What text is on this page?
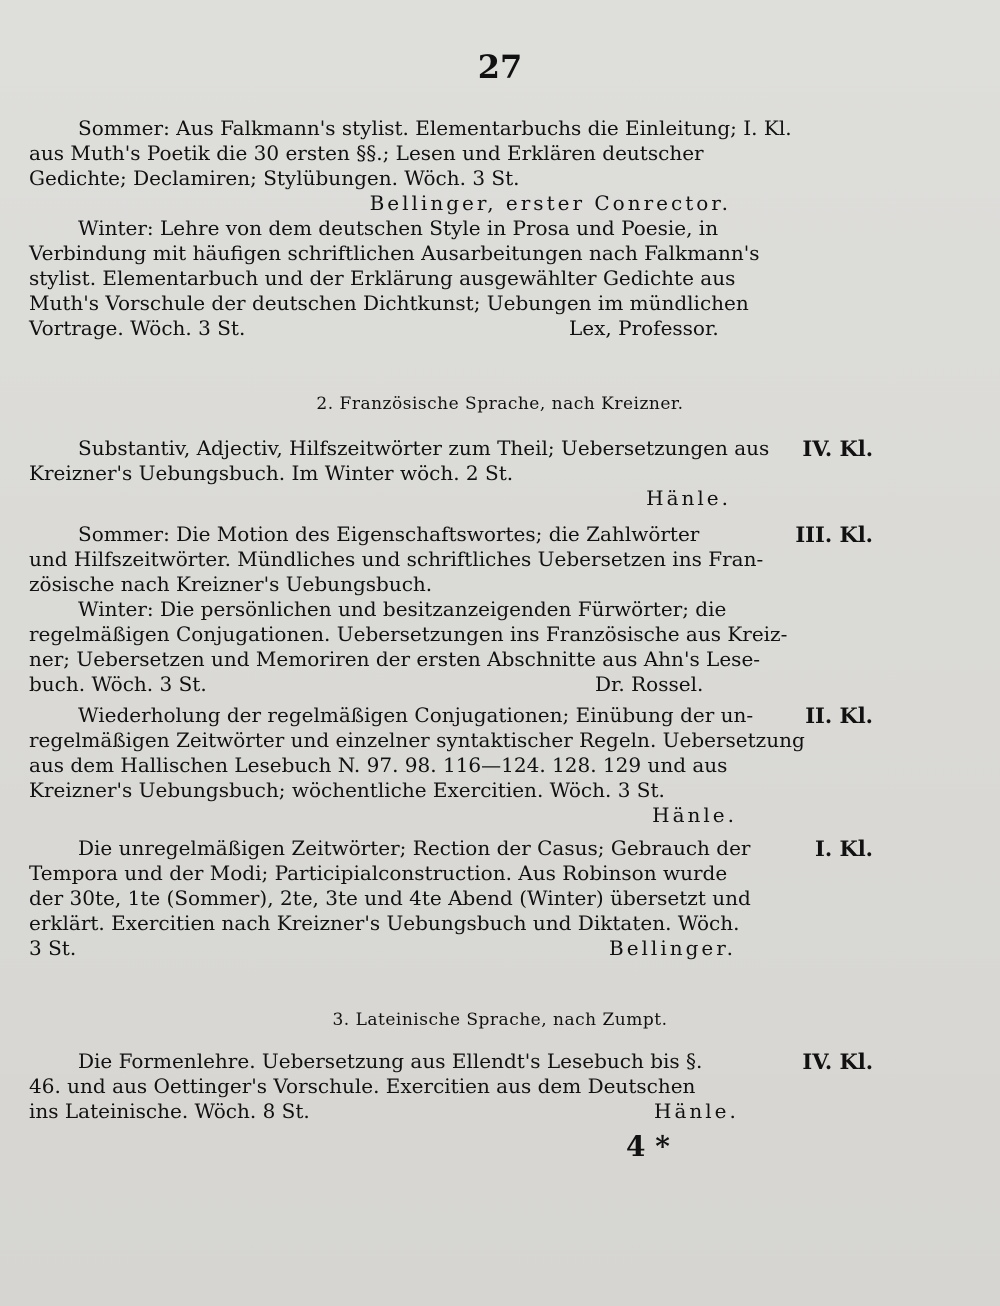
27
Sommer: Aus Falkmann's stylist. Elementarbuchs die Einleitung; I. Kl.
aus Muth's Poetik die 30 ersten §§.; Lesen und Erklären deutscher
Gedichte; Declamiren; Stylübungen. Wöch. 3 St.
Bellinger, erster Conrector.
Winter: Lehre von dem deutschen Style in Prosa und Poesie, in
Verbindung mit häufigen schriftlichen Ausarbeitungen nach Falkmann's
stylist. Elementarbuch und der Erklärung ausgewählter Gedichte aus
Muth's Vorschule der deutschen Dichtkunst; Uebungen im mündlichen
Vortrage. Wöch. 3 St.	Lex, Professor.
2. Französische Sprache, nach Kreizner.
IV. Kl.
Substantiv, Adjectiv, Hilfszeitwörter zum Theil; Uebersetzungen aus
Kreizner's Uebungsbuch. Im Winter wöch. 2 St.
Hänle.
III. Kl.
Sommer: Die Motion des Eigenschaftswortes; die Zahlwörter
und Hilfszeitwörter. Mündliches und schriftliches Uebersetzen ins Fran-
zösische nach Kreizner's Uebungsbuch.
Winter: Die persönlichen und besitzanzeigenden Fürwörter; die
regelmäßigen Conjugationen. Uebersetzungen ins Französische aus Kreiz-
ner; Uebersetzen und Memoriren der ersten Abschnitte aus Ahn's Lese-
buch. Wöch. 3 St.	Dr. Rossel.
II. Kl.
Wiederholung der regelmäßigen Conjugationen; Einübung der un-
regelmäßigen Zeitwörter und einzelner syntaktischer Regeln. Uebersetzung
aus dem Hallischen Lesebuch N. 97. 98. 116—124. 128. 129 und aus
Kreizner's Uebungsbuch; wöchentliche Exercitien. Wöch. 3 St.
Hänle.
I. Kl.
Die unregelmäßigen Zeitwörter; Rection der Casus; Gebrauch der
Tempora und der Modi; Participialconstruction. Aus Robinson wurde
der 30te, 1te (Sommer), 2te, 3te und 4te Abend (Winter) übersetzt und
erklärt. Exercitien nach Kreizner's Uebungsbuch und Diktaten. Wöch.
3 St.	Bellinger.
3. Lateinische Sprache, nach Zumpt.
IV. Kl.
Die Formenlehre. Uebersetzung aus Ellendt's Lesebuch bis §.
46. und aus Oettinger's Vorschule. Exercitien aus dem Deutschen
ins Lateinische. Wöch. 8 St.	Hänle.
4 *
